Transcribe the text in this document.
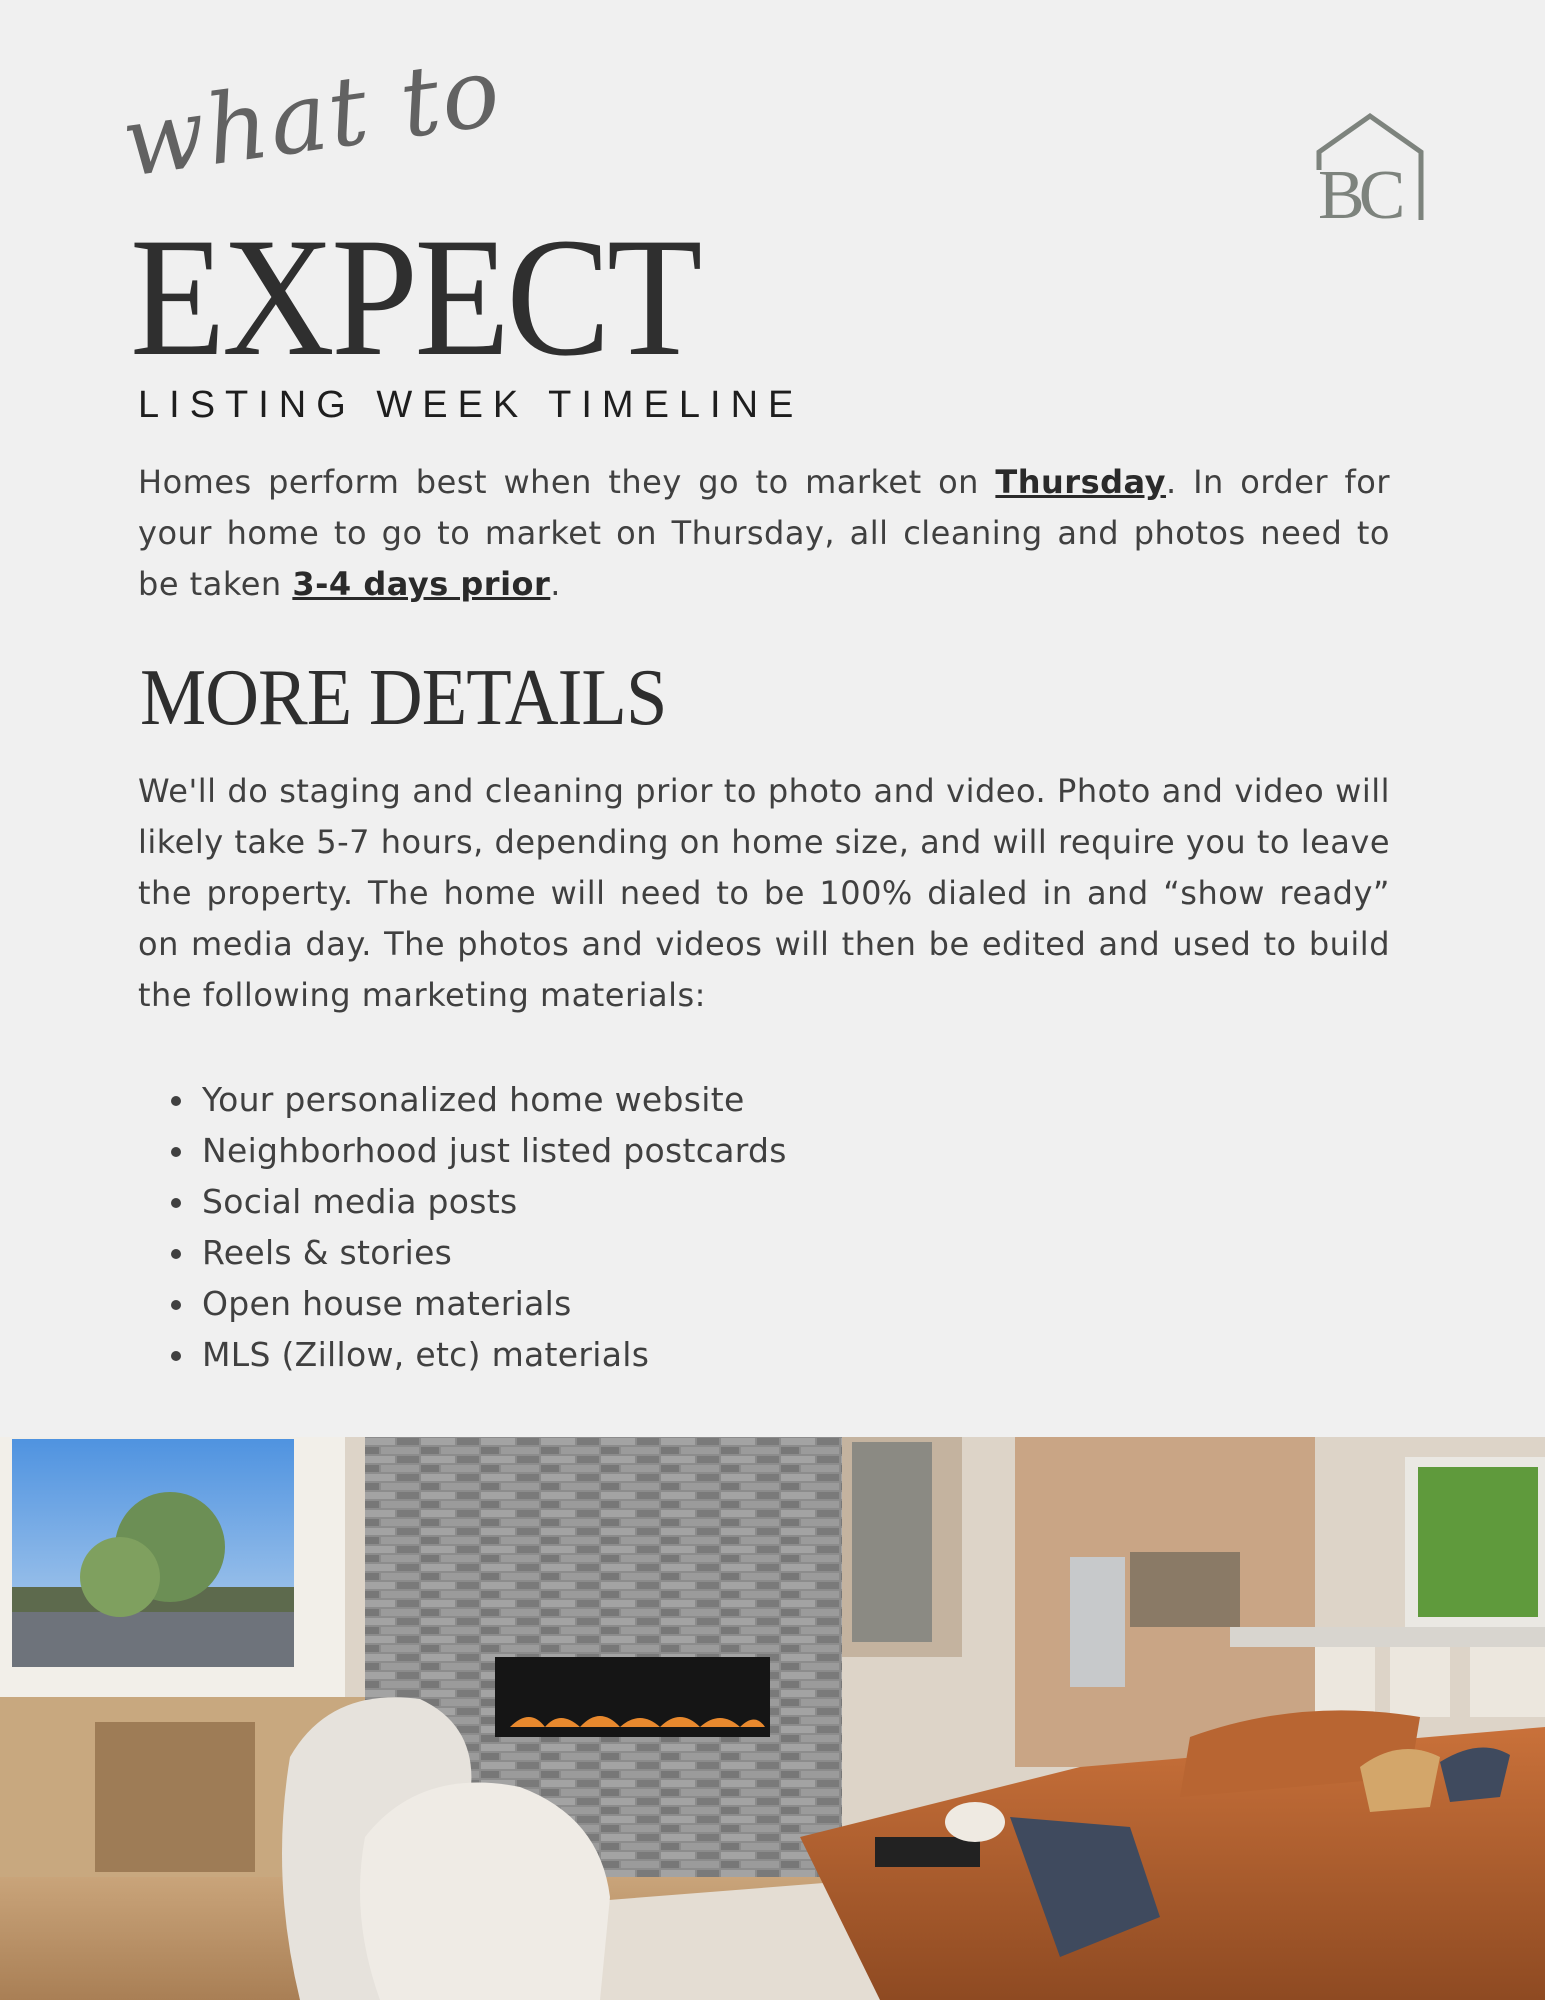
what to
EXPECT
LISTING WEEK TIMELINE
BC

Homes perform best when they go to market on Thursday. In order for your home to go to market on Thursday, all cleaning and photos need to be taken 3-4 days prior.

MORE DETAILS

We'll do staging and cleaning prior to photo and video. Photo and video will likely take 5-7 hours, depending on home size, and will require you to leave the property. The home will need to be 100% dialed in and “show ready” on media day. The photos and videos will then be edited and used to build the following marketing materials:

• Your personalized home website
• Neighborhood just listed postcards
• Social media posts
• Reels & stories
• Open house materials
• MLS (Zillow, etc) materials
